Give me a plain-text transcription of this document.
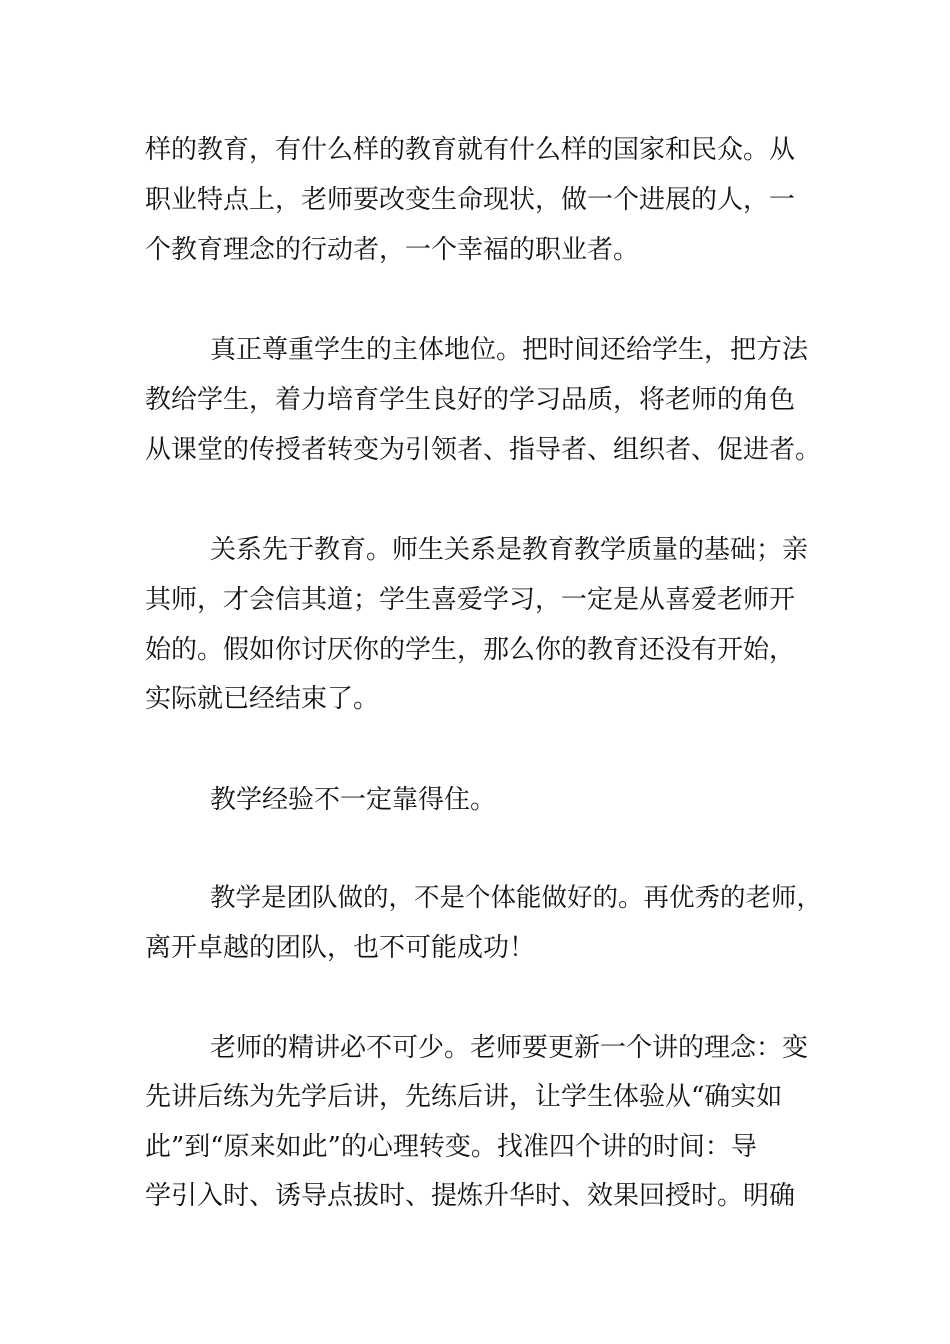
样的教育，有什么样的教育就有什么样的国家和民众。从
职业特点上，老师要改变生命现状，做一个进展的人，一
个教育理念的行动者，一个幸福的职业者。
真正尊重学生的主体地位。把时间还给学生，把方法
教给学生，着力培育学生良好的学习品质，将老师的角色
从课堂的传授者转变为引领者、指导者、组织者、促进者。
关系先于教育。师生关系是教育教学质量的基础；亲
其师，才会信其道；学生喜爱学习，一定是从喜爱老师开
始的。假如你讨厌你的学生，那么你的教育还没有开始，
实际就已经结束了。
教学经验不一定靠得住。
教学是团队做的，不是个体能做好的。再优秀的老师，
离开卓越的团队，也不可能成功！
老师的精讲必不可少。老师要更新一个讲的理念：变
先讲后练为先学后讲，先练后讲，让学生体验从“确实如
此”到“原来如此”的心理转变。找准四个讲的时间：导
学引入时、诱导点拔时、提炼升华时、效果回授时。明确
